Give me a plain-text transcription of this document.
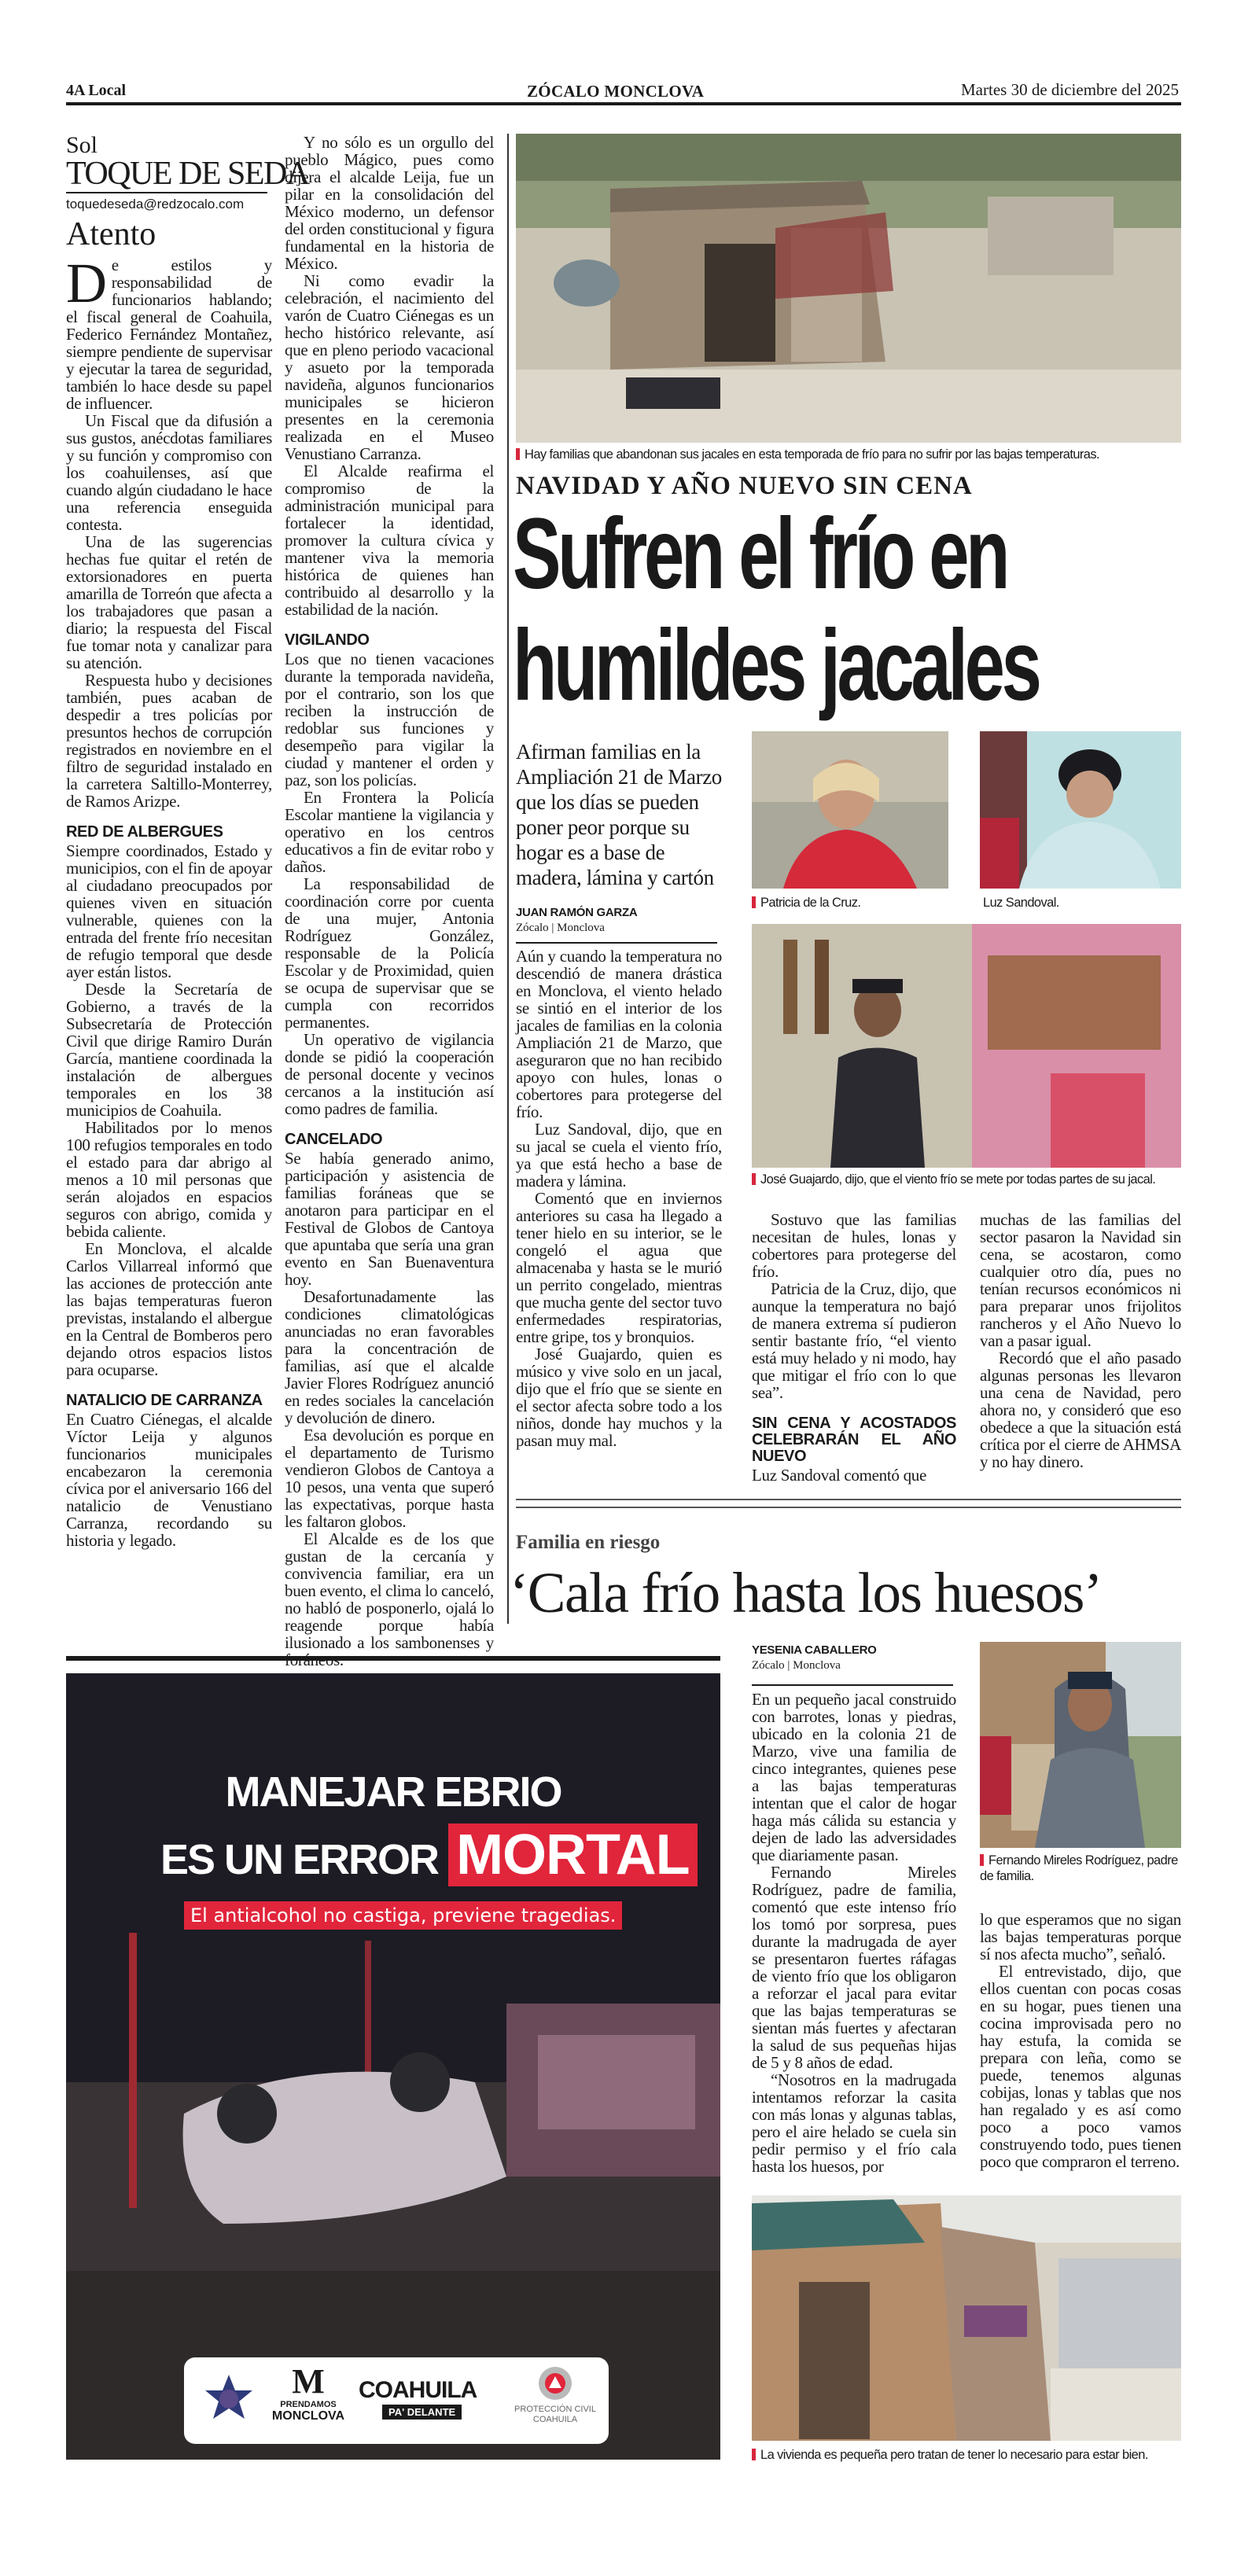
4A Local	ZÓCALO MONCLOVA	Martes 30 de diciembre del 2025
Sol
TOQUE DE SEDA
toquedeseda@redzocalo.com
Atento

De estilos y responsabilidad de funcionarios hablando; el fiscal general de Coahuila, Federico Fernández Montañez, siempre pendiente de supervisar y ejecutar la tarea de seguridad, también lo hace desde su papel de influencer.

Un Fiscal que da difusión a sus gustos, anécdotas familiares y su función y compromiso con los coahuilenses, así que cuando algún ciudadano le hace una referencia enseguida contesta.

Una de las sugerencias hechas fue quitar el retén de extorsionadores en puerta amarilla de Torreón que afecta a los trabajadores que pasan a diario; la respuesta del Fiscal fue tomar nota y canalizar para su atención.

Respuesta hubo y decisiones también, pues acaban de despedir a tres policías por presuntos hechos de corrupción registrados en noviembre en el filtro de seguridad instalado en la carretera Saltillo-Monterrey, de Ramos Arizpe.

RED DE ALBERGUES

Siempre coordinados, Estado y municipios, con el fin de apoyar al ciudadano preocupados por quienes viven en situación vulnerable, quienes con la entrada del frente frío necesitan de refugio temporal que desde ayer están listos.

Desde la Secretaría de Gobierno, a través de la Subsecretaría de Protección Civil que dirige Ramiro Durán García, mantiene coordinada la instalación de albergues temporales en los 38 municipios de Coahuila.

Habilitados por lo menos 100 refugios temporales en todo el estado para dar abrigo al menos a 10 mil personas que serán alojados en espacios seguros con abrigo, comida y bebida caliente.

En Monclova, el alcalde Carlos Villarreal informó que las acciones de protección ante las bajas temperaturas fueron previstas, instalando el albergue en la Central de Bomberos pero dejando otros espacios listos para ocuparse.

NATALICIO DE CARRANZA

En Cuatro Ciénegas, el alcalde Víctor Leija y algunos funcionarios municipales encabezaron la ceremonia cívica por el aniversario 166 del natalicio de Venustiano Carranza, recordando su historia y legado.

Y no sólo es un orgullo del pueblo Mágico, pues como dijera el alcalde Leija, fue un pilar en la consolidación del México moderno, un defensor del orden constitucional y figura fundamental en la historia de México.

Ni como evadir la celebración, el nacimiento del varón de Cuatro Ciénegas es un hecho histórico relevante, así que en pleno periodo vacacional y asueto por la temporada navideña, algunos funcionarios municipales se hicieron presentes en la ceremonia realizada en el Museo Venustiano Carranza.

El Alcalde reafirma el compromiso de la administración municipal para fortalecer la identidad, promover la cultura cívica y mantener viva la memoria histórica de quienes han contribuido al desarrollo y la estabilidad de la nación.

VIGILANDO

Los que no tienen vacaciones durante la temporada navideña, por el contrario, son los que reciben la instrucción de redoblar sus funciones y desempeño para vigilar la ciudad y mantener el orden y paz, son los policías.

En Frontera la Policía Escolar mantiene la vigilancia y operativo en los centros educativos a fin de evitar robo y daños.

La responsabilidad de coordinación corre por cuenta de una mujer, Antonia Rodríguez González, responsable de la Policía Escolar y de Proximidad, quien se ocupa de supervisar que se cumpla con recorridos permanentes.

Un operativo de vigilancia donde se pidió la cooperación de personal docente y vecinos cercanos a la institución así como padres de familia.

CANCELADO

Se había generado animo, participación y asistencia de familias foráneas que se anotaron para participar en el Festival de Globos de Cantoya que apuntaba que sería una gran evento en San Buenaventura hoy.

Desafortunadamente las condiciones climatológicas anunciadas no eran favorables para la concentración de familias, así que el alcalde Javier Flores Rodríguez anunció en redes sociales la cancelación y devolución de dinero.

Esa devolución es porque en el departamento de Turismo vendieron Globos de Cantoya a 10 pesos, una venta que superó las expectativas, porque hasta les faltaron globos.

El Alcalde es de los que gustan de la cercanía y convivencia familiar, era un buen evento, el clima lo canceló, no habló de posponerlo, ojalá lo reagende porque había ilusionado a los sambonenses y

Hay familias que abandonan sus jacales en esta temporada de frío para no sufrir por las bajas temperaturas.
NAVIDAD Y AÑO NUEVO SIN CENA
Sufren el frío en
humildes jacales
Afirman familias en la Ampliación 21 de Marzo que los días se pueden poner peor porque su hogar es a base de madera, lámina y cartón
JUAN RAMÓN GARZA
Zócalo | Monclova

Aún y cuando la temperatura no descendió de manera drástica en Monclova, el viento helado se sintió en el interior de los jacales de familias en la colonia Ampliación 21 de Marzo, que aseguraron que no han recibido apoyo con hules, lonas o cobertores para protegerse del frío.

Luz Sandoval, dijo, que en su jacal se cuela el viento frío, ya que está hecho a base de madera y lámina.

Comentó que en inviernos anteriores su casa ha llegado a tener hielo en su interior, se le congeló el agua que almacenaba y hasta se le murió un perrito congelado, mientras que mucha gente del sector tuvo enfermedades respiratorias, entre gripe, tos y bronquios.

José Guajardo, quien es músico y vive solo en un jacal, dijo que el frío que se siente en el sector afecta sobre todo a los niños, donde hay muchos y la pasan muy mal.

Patricia de la Cruz.	Luz Sandoval.
José Guajardo, dijo, que el viento frío se mete por todas partes de su jacal.

Sostuvo que las familias necesitan de hules, lonas y cobertores para protegerse del frío.

Patricia de la Cruz, dijo, que aunque la temperatura no bajó de manera extrema sí pudieron sentir bastante frío, “el viento está muy helado y ni modo, hay que mitigar el frío con lo que sea”.

SIN CENA Y ACOSTADOS CELEBRARÁN EL AÑO NUEVO

Luz Sandoval comentó que

muchas de las familias del sector pasaron la Navidad sin cena, se acostaron, como cualquier otro día, pues no tenían recursos económicos ni para preparar unos frijolitos rancheros y el Año Nuevo lo van a pasar igual.

Recordó que el año pasado algunas personas les llevaron una cena de Navidad, pero ahora no, y consideró que eso obedece a que la situación está crítica por el cierre de AHMSA y no hay dinero.

Familia en riesgo
‘Cala frío hasta los huesos’
YESENIA CABALLERO
Zócalo | Monclova

En un pequeño jacal construido con barrotes, lonas y piedras, ubicado en la colonia 21 de Marzo, vive una familia de cinco integrantes, quienes pese a las bajas temperaturas intentan que el calor de hogar haga más cálida su estancia y dejen de lado las adversidades que diariamente pasan.

Fernando Mireles Rodríguez, padre de familia, comentó que este intenso frío los tomó por sorpresa, pues durante la madrugada de ayer se presentaron fuertes ráfagas de viento frío que los obligaron a reforzar el jacal para evitar que las bajas temperaturas se sientan más fuertes y afectaran la salud de sus pequeñas hijas de 5 y 8 años de edad.

“Nosotros en la madrugada intentamos reforzar la casita con más lonas y algunas tablas, pero el aire helado se cuela sin pedir permiso y el frío cala hasta los huesos, por

Fernando Mireles Rodríguez, padre de familia.

lo que esperamos que no sigan las bajas temperaturas porque sí nos afecta mucho”, señaló.

El entrevistado, dijo, que ellos cuentan con pocas cosas en su hogar, pues tienen una cocina improvisada pero no hay estufa, la comida se prepara con leña, como se puede, tenemos algunas cobijas, lonas y tablas que nos han regalado y es así como poco a poco vamos construyendo todo, pues tienen poco que compraron el terreno.

La vivienda es pequeña pero tratan de tener lo necesario para estar bien.
MANEJAR EBRIO
ES UN ERROR MORTAL
El antialcohol no castiga, previene tragedias.
M
PRENDAMOS
MONCLOVA
COAHUILA
PA' DELANTE	PROTECCIÓN CIVIL
COAHUILA
